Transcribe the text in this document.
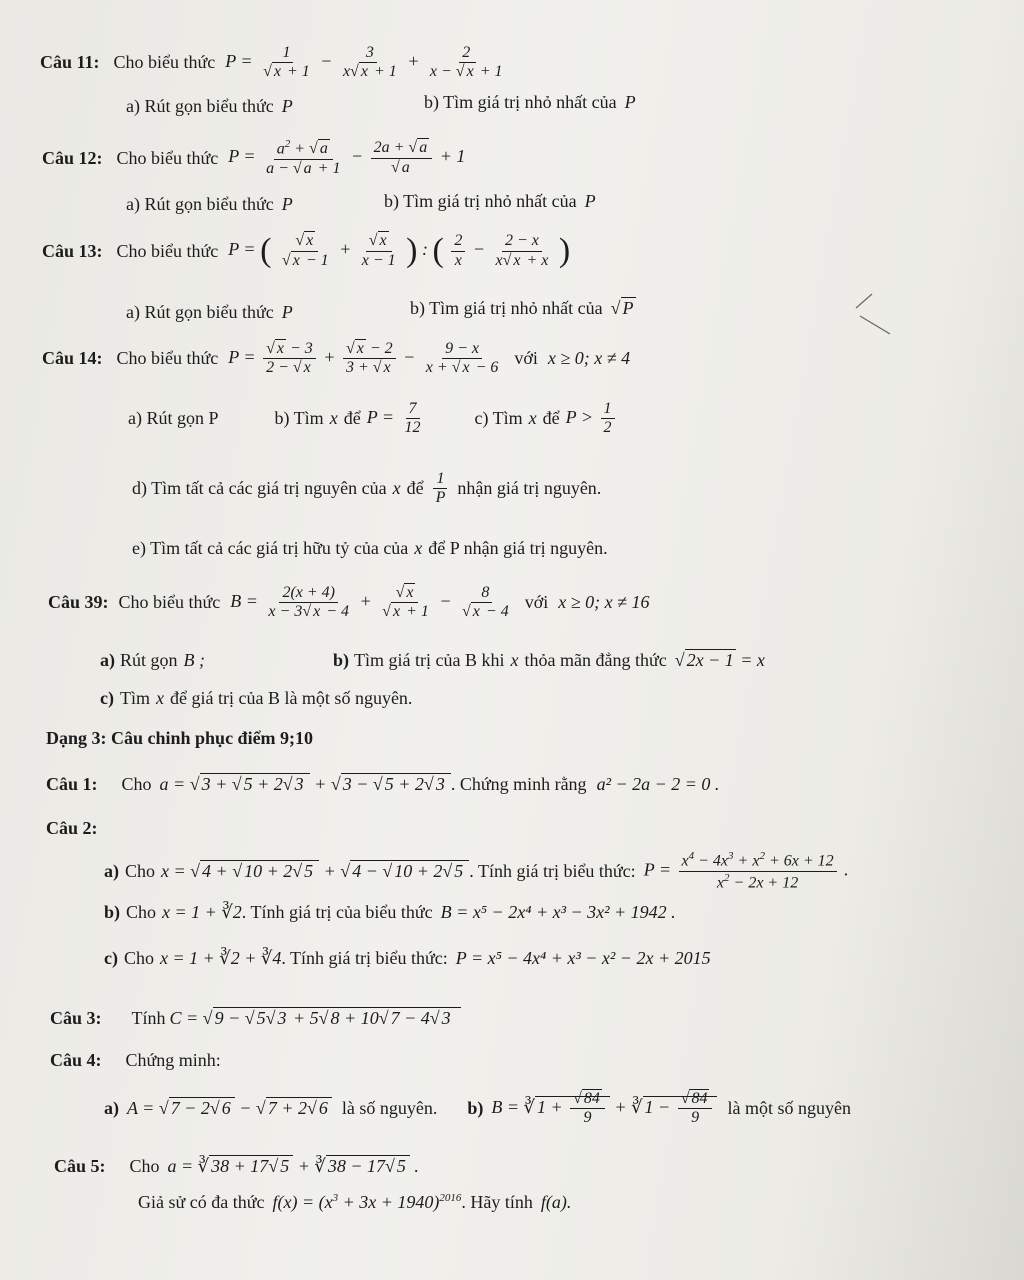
Câu 11: Cho biểu thức P = 1
√ $x + 1 - \frac{3}{x √ x + 1} + \frac{2}{x - √ x + 1}$
a) Rút gọn biểu thức P	b) Tìm giá trị nhỏ nhất của P
Câu 12: Cho biểu thức $P = \frac{a^2 + √ a}{a - √ a + 1} - 2a$ + √ a
√ a + 1
a) Rút gọn biểu thức P	b) Tìm giá trị nhỏ nhất của P
Câu 13: Cho biểu thức P = ( √ x
√ x − 1 + √ $\frac{x}{x - 1}$ ) : ( $\frac{2}{x} - \frac{2 - x}{x √ x + x}$ )
a) Rút gọn biểu thức P	b) Tìm giá trị nhỏ nhất của √	P
Câu 14: Cho biểu thức P = √ $\frac{x - 3}{2 - √ x}$ + √ $\frac{x - 2}{3 + √ x} - \frac{9 - x}{x + √ x - 6}$ với x ≥ 0; x ≠ 4
a) Rút gọn P	b) Tìm x để $P = \frac{7}{12}$	c) Tìm x để $P > \frac{1}{2}$
d) Tìm tất cả các giá trị nguyên của x để $\frac{1}{P}$ nhận giá trị nguyên.
e) Tìm tất cả các giá trị hữu tỷ của của x để P nhận giá trị nguyên.
Câu 39: Cho biểu thức $B = \frac{2(x + 4)}{x - 3 √ x - 4}$ + √ x
√ x + 1 − 8
√ x − 4 với x ≥ 0; x ≠ 16
a) Rút gọn B ;	b) Tìm giá trị của B khi x thỏa mãn đẳng thức √	2x − 1 = x
c) Tìm x để giá trị của B là một số nguyên.
Dạng 3: Câu chinh phục điểm 9;10
Câu 1: Cho a = √ 3 + √ 5 + 2 √ 3 + √ 3 − √ 5 + 2 √ 3 . Chứng minh rằng a² − 2a − 2 = 0 .
Câu 2:
a) Cho x = √ 4 + √ 10 + 2 √ 5 + √ 4 − √ 10 + 2 √ 5 . Tính giá trị biểu thức: $P = \frac{x^4 - 4x^3 + x^2 + 6x + 12}{x^2 - 2x + 12}$ .
b) Cho x = 1 + ∛2 . Tính giá trị của biểu thức B = x⁵ − 2x⁴ + x³ − 3x² + 1942 .
c) Cho x = 1 + ∛2 + ∛4 . Tính giá trị biểu thức: P = x⁵ − 4x⁴ + x³ − x² − 2x + 2015
Câu 3: Tính C = √ 9 − √ 5 √ 3 + 5 √ 8 + 10 √ 7 − 4 √ 3
Câu 4: Chứng minh:
a) A = √ 7 − 2 √ 6 − √ 7 + 2 √ 6 là số nguyên. b) B = ∛ 1 + √ $\frac{84}{9}$ + ∛ 1 − √ $\frac{84}{9}$ là một số nguyên
Câu 5: Cho a = ∛ 38 + 17 √ 5 + ∛ 38 − 17 √ 5 .
Giả sử có đa thức $f(x) = (x^3 + 3x + 1940)^{2016}$ . Hãy tính f(a).
